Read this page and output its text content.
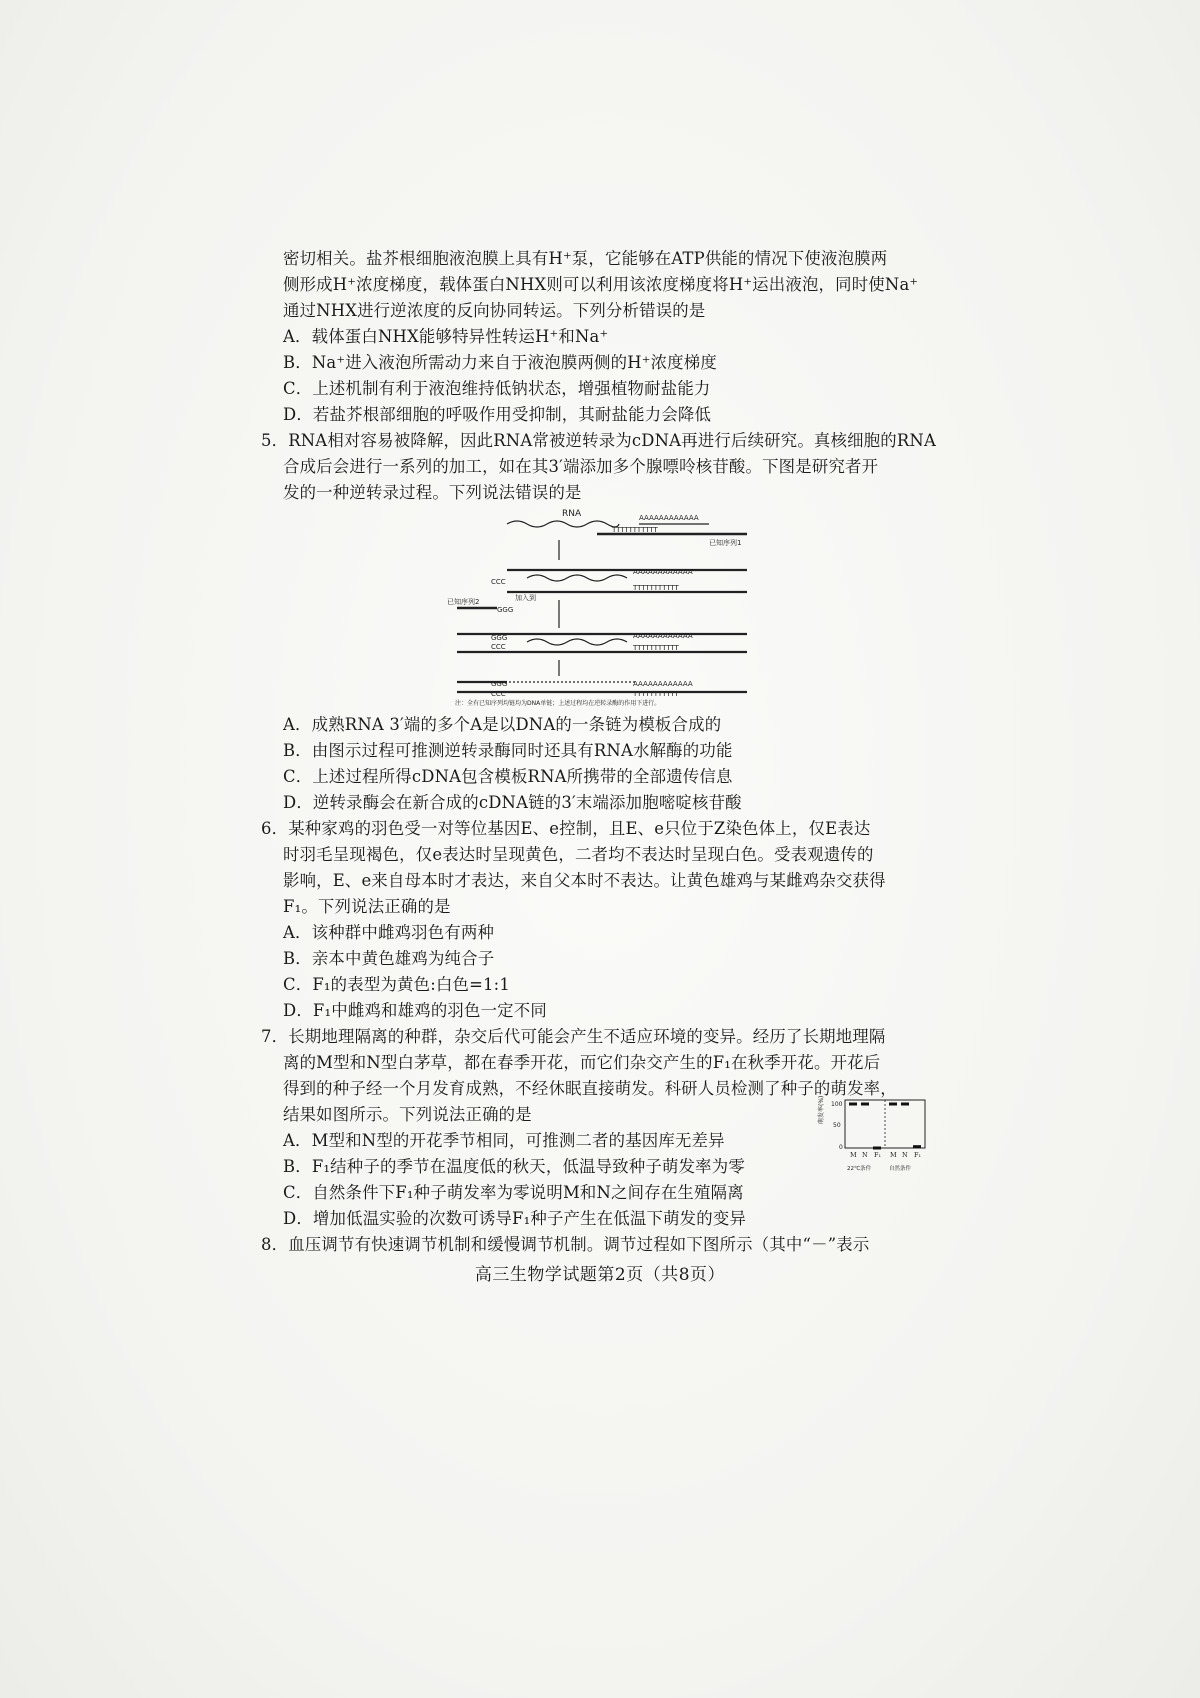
密切相关。盐芥根细胞液泡膜上具有H⁺泵，它能够在ATP供能的情况下使液泡膜两
侧形成H⁺浓度梯度，载体蛋白NHX则可以利用该浓度梯度将H⁺运出液泡，同时使Na⁺
通过NHX进行逆浓度的反向协同转运。下列分析错误的是
A．载体蛋白NHX能够特异性转运H⁺和Na⁺
B．Na⁺进入液泡所需动力来自于液泡膜两侧的H⁺浓度梯度
C．上述机制有利于液泡维持低钠状态，增强植物耐盐能力
D．若盐芥根部细胞的呼吸作用受抑制，其耐盐能力会降低
5．RNA相对容易被降解，因此RNA常被逆转录为cDNA再进行后续研究。真核细胞的RNA
合成后会进行一系列的加工，如在其3′端添加多个腺嘌呤核苷酸。下图是研究者开
发的一种逆转录过程。下列说法错误的是
A．成熟RNA 3′端的多个A是以DNA的一条链为模板合成的
B．由图示过程可推测逆转录酶同时还具有RNA水解酶的功能
C．上述过程所得cDNA包含模板RNA所携带的全部遗传信息
D．逆转录酶会在新合成的cDNA链的3′末端添加胞嘧啶核苷酸
6．某种家鸡的羽色受一对等位基因E、e控制，且E、e只位于Z染色体上，仅E表达
时羽毛呈现褐色，仅e表达时呈现黄色，二者均不表达时呈现白色。受表观遗传的
影响，E、e来自母本时才表达，来自父本时不表达。让黄色雄鸡与某雌鸡杂交获得
F₁。下列说法正确的是
A．该种群中雌鸡羽色有两种
B．亲本中黄色雄鸡为纯合子
C．F₁的表型为黄色:白色=1:1
D．F₁中雌鸡和雄鸡的羽色一定不同
7．长期地理隔离的种群，杂交后代可能会产生不适应环境的变异。经历了长期地理隔
离的M型和N型白茅草，都在春季开花，而它们杂交产生的F₁在秋季开花。开花后
得到的种子经一个月发育成熟，不经休眠直接萌发。科研人员检测了种子的萌发率，
结果如图所示。下列说法正确的是
A．M型和N型的开花季节相同，可推测二者的基因库无差异
B．F₁结种子的季节在温度低的秋天，低温导致种子萌发率为零
C．自然条件下F₁种子萌发率为零说明M和N之间存在生殖隔离
D．增加低温实验的次数可诱导F₁种子产生在低温下萌发的变异
8．血压调节有快速调节机制和缓慢调节机制。调节过程如下图所示（其中“－”表示
RNA	AAAAAAAAAAAA
TTTTTTTTTTT
已知序列1
AAAAAAAAAAAA
TTTTTTTTTTT
CCC
已知序列2
GGG
加入到
GGG
CCC
AAAAAAAAAAAA
TTTTTTTTTTT
GGG
CCC
AAAAAAAAAAAA
TTTTTTTTTTT
注：全有已知序列均链均为DNA单链；上述过程均在逆转录酶的作用下进行。
萌发率(%) 100
50
0
M N F₁ M N F₁
22℃条件	自然条件
高三生物学试题第2页（共8页）
